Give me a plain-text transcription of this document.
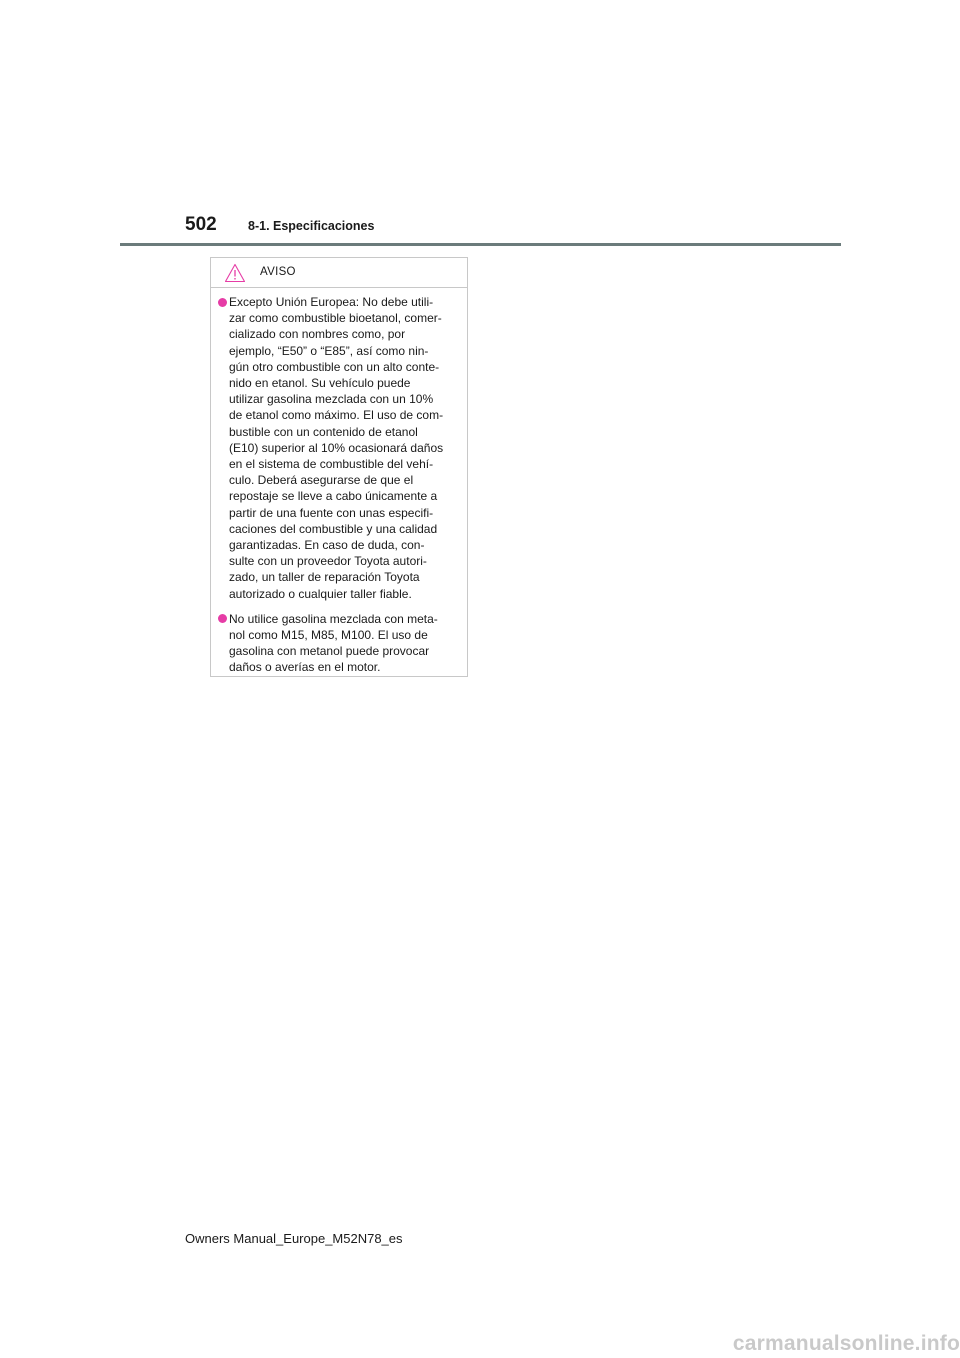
502	8-1. Especificaciones
AVISO
Excepto Unión Europea: No debe utili-
zar como combustible bioetanol, comer-
cializado con nombres como, por
ejemplo, “E50” o “E85”, así como nin-
gún otro combustible con un alto conte-
nido en etanol. Su vehículo puede
utilizar gasolina mezclada con un 10%
de etanol como máximo. El uso de com-
bustible con un contenido de etanol
(E10) superior al 10% ocasionará daños
en el sistema de combustible del vehí-
culo. Deberá asegurarse de que el
repostaje se lleve a cabo únicamente a
partir de una fuente con unas especifi-
caciones del combustible y una calidad
garantizadas. En caso de duda, con-
sulte con un proveedor Toyota autori-
zado, un taller de reparación Toyota
autorizado o cualquier taller fiable.
No utilice gasolina mezclada con meta-
nol como M15, M85, M100. El uso de
gasolina con metanol puede provocar
daños o averías en el motor.
Owners Manual_Europe_M52N78_es
carmanualsonline.info
